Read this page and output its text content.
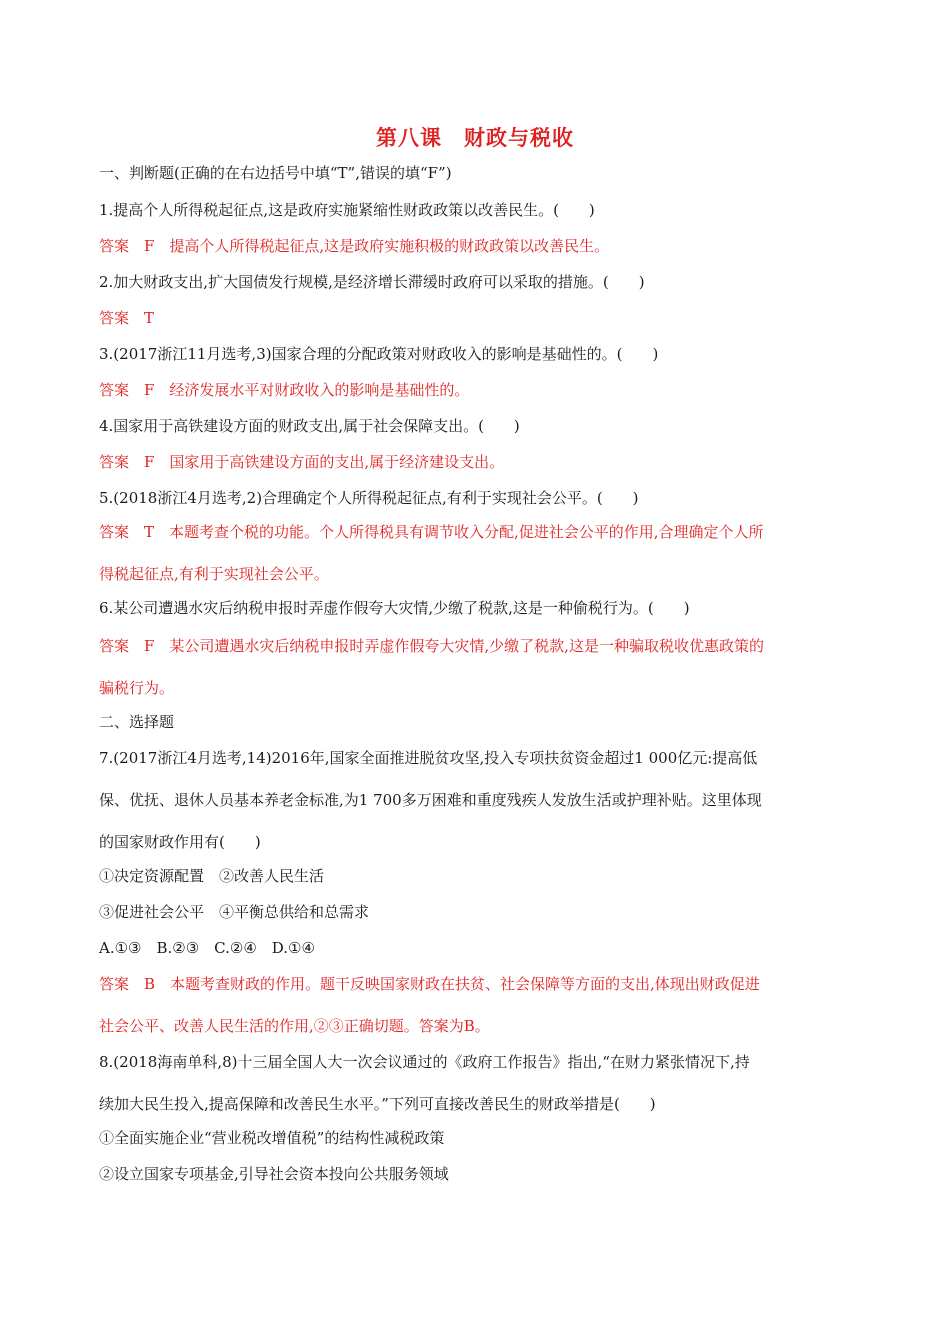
第八课　财政与税收
一、判断题(正确的在右边括号中填“T”,错误的填“F”)
1.提高个人所得税起征点,这是政府实施紧缩性财政政策以改善民生。(　　)
答案　F　提高个人所得税起征点,这是政府实施积极的财政政策以改善民生。
2.加大财政支出,扩大国债发行规模,是经济增长滞缓时政府可以采取的措施。(　　)
答案　T
3.(2017浙江11月选考,3)国家合理的分配政策对财政收入的影响是基础性的。(　　)
答案　F　经济发展水平对财政收入的影响是基础性的。
4.国家用于高铁建设方面的财政支出,属于社会保障支出。(　　)
答案　F　国家用于高铁建设方面的支出,属于经济建设支出。
5.(2018浙江4月选考,2)合理确定个人所得税起征点,有利于实现社会公平。(　　)
答案　T　本题考查个税的功能。个人所得税具有调节收入分配,促进社会公平的作用,合理确定个人所
得税起征点,有利于实现社会公平。
6.某公司遭遇水灾后纳税申报时弄虚作假夸大灾情,少缴了税款,这是一种偷税行为。(　　)
答案　F　某公司遭遇水灾后纳税申报时弄虚作假夸大灾情,少缴了税款,这是一种骗取税收优惠政策的
骗税行为。
二、选择题
7.(2017浙江4月选考,14)2016年,国家全面推进脱贫攻坚,投入专项扶贫资金超过1 000亿元:提高低
保、优抚、退休人员基本养老金标准,为1 700多万困难和重度残疾人发放生活或护理补贴。这里体现
的国家财政作用有(　　)
①决定资源配置　②改善人民生活
③促进社会公平　④平衡总供给和总需求
A.①③　B.②③　C.②④　D.①④
答案　B　本题考查财政的作用。题干反映国家财政在扶贫、社会保障等方面的支出,体现出财政促进
社会公平、改善人民生活的作用,②③正确切题。答案为B。
8.(2018海南单科,8)十三届全国人大一次会议通过的《政府工作报告》指出,“在财力紧张情况下,持
续加大民生投入,提高保障和改善民生水平。”下列可直接改善民生的财政举措是(　　)
①全面实施企业“营业税改增值税”的结构性减税政策
②设立国家专项基金,引导社会资本投向公共服务领域
